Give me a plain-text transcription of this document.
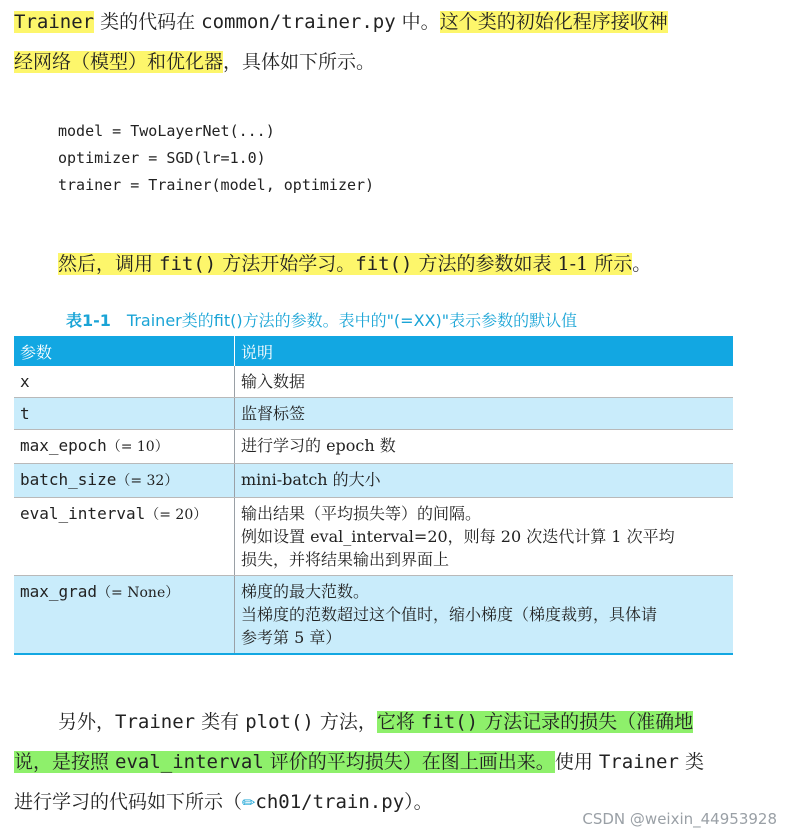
Trainer 类的代码在 common/trainer.py 中。这个类的初始化程序接收神
经网络（模型）和优化器，具体如下所示。
model = TwoLayerNet(...)
optimizer = SGD(lr=1.0)
trainer = Trainer(model, optimizer)
然后，调用 fit() 方法开始学习。fit() 方法的参数如表 1-1 所示。
表1-1 Trainer类的fit()方法的参数。表中的"(=XX)"表示参数的默认值
参数	说明
x	输入数据
t	监督标签
max_epoch（= 10）	进行学习的 epoch 数
batch_size（= 32）	mini-batch 的大小
eval_interval（= 20）	输出结果（平均损失等）的间隔。
例如设置 eval_interval=20，则每 20 次迭代计算 1 次平均
损失，并将结果输出到界面上

max_grad（= None）	梯度的最大范数。
当梯度的范数超过这个值时，缩小梯度（梯度裁剪，具体请
参考第 5 章）
另外，Trainer 类有 plot() 方法，它将 fit() 方法记录的损失（准确地
说，是按照 eval_interval 评价的平均损失）在图上画出来。使用 Trainer 类
进行学习的代码如下所示（✏ch01/train.py）。
CSDN @weixin_44953928
